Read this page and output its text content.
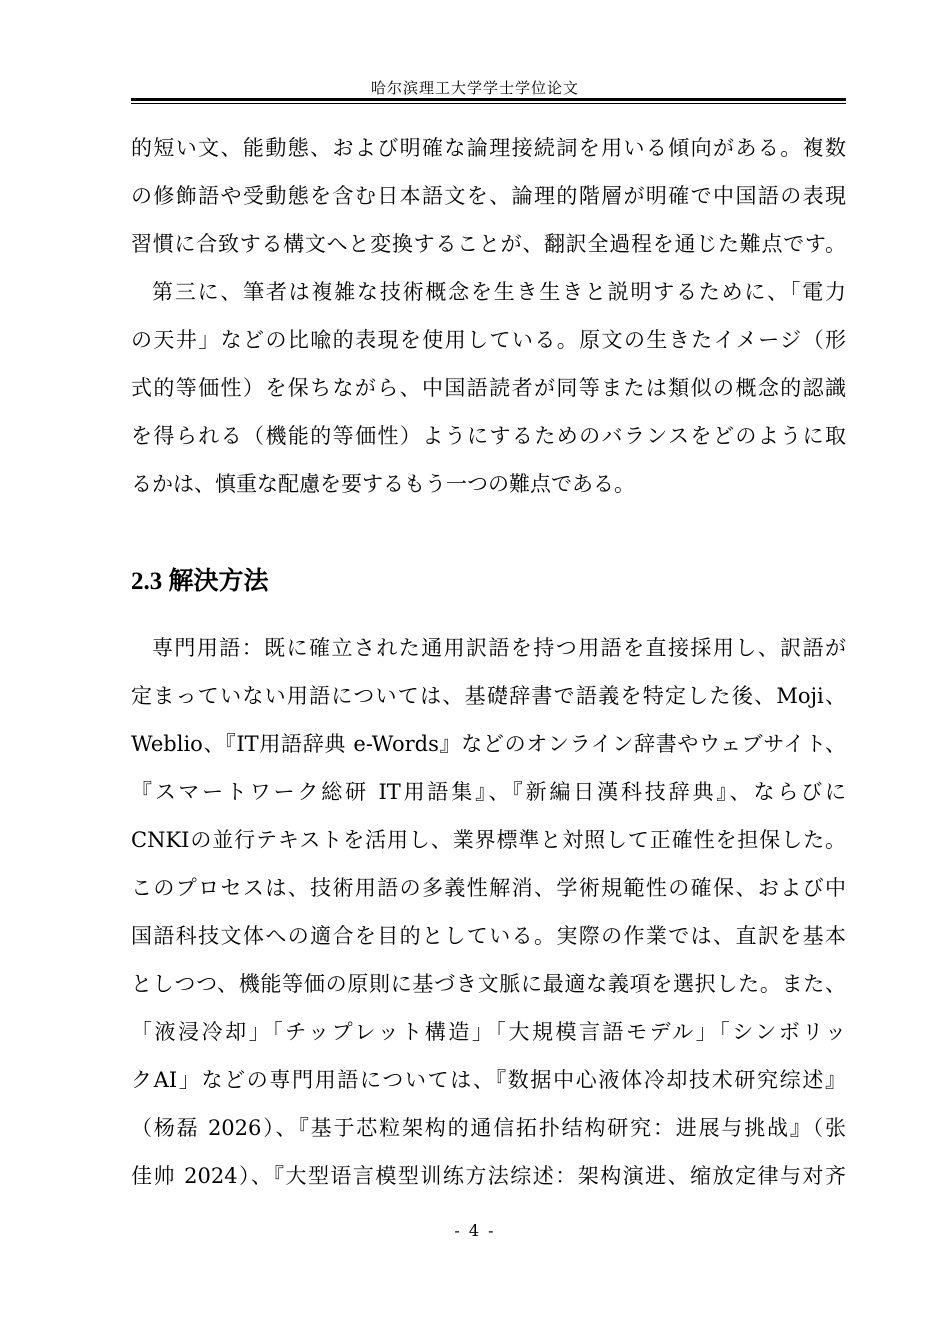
哈尔滨理工大学学士学位论文
的短い文、能動態、および明確な論理接続詞を用いる傾向がある。複数
の修飾語や受動態を含む日本語文を、論理的階層が明確で中国語の表現
習慣に合致する構文へと変換することが、翻訳全過程を通じた難点です。
第三に、筆者は複雑な技術概念を生き生きと説明するために、「電力
の天井」などの比喩的表現を使用している。原文の生きたイメージ（形
式的等価性）を保ちながら、中国語読者が同等または類似の概念的認識
を得られる（機能的等価性）ようにするためのバランスをどのように取
るかは、慎重な配慮を要するもう一つの難点である。
2.3 解決方法
専門用語：既に確立された通用訳語を持つ用語を直接採用し、訳語が
定まっていない用語については、基礎辞書で語義を特定した後、Moji、
Weblio、『IT用語辞典 e-Words』などのオンライン辞書やウェブサイト、
『スマートワーク総研 IT用語集』、『新編日漢科技辞典』、ならびに
CNKIの並行テキストを活用し、業界標準と対照して正確性を担保した。
このプロセスは、技術用語の多義性解消、学術規範性の確保、および中
国語科技文体への適合を目的としている。実際の作業では、直訳を基本
としつつ、機能等価の原則に基づき文脈に最適な義項を選択した。また、
「液浸冷却」「チップレット構造」「大規模言語モデル」「シンボリッ
クAI」などの専門用語については、『数据中心液体冷却技术研究综述』
（杨磊 2026）、『基于芯粒架构的通信拓扑结构研究：进展与挑战』（张
佳帅 2024）、『大型语言模型训练方法综述：架构演进、缩放定律与对齐
- 4 -
